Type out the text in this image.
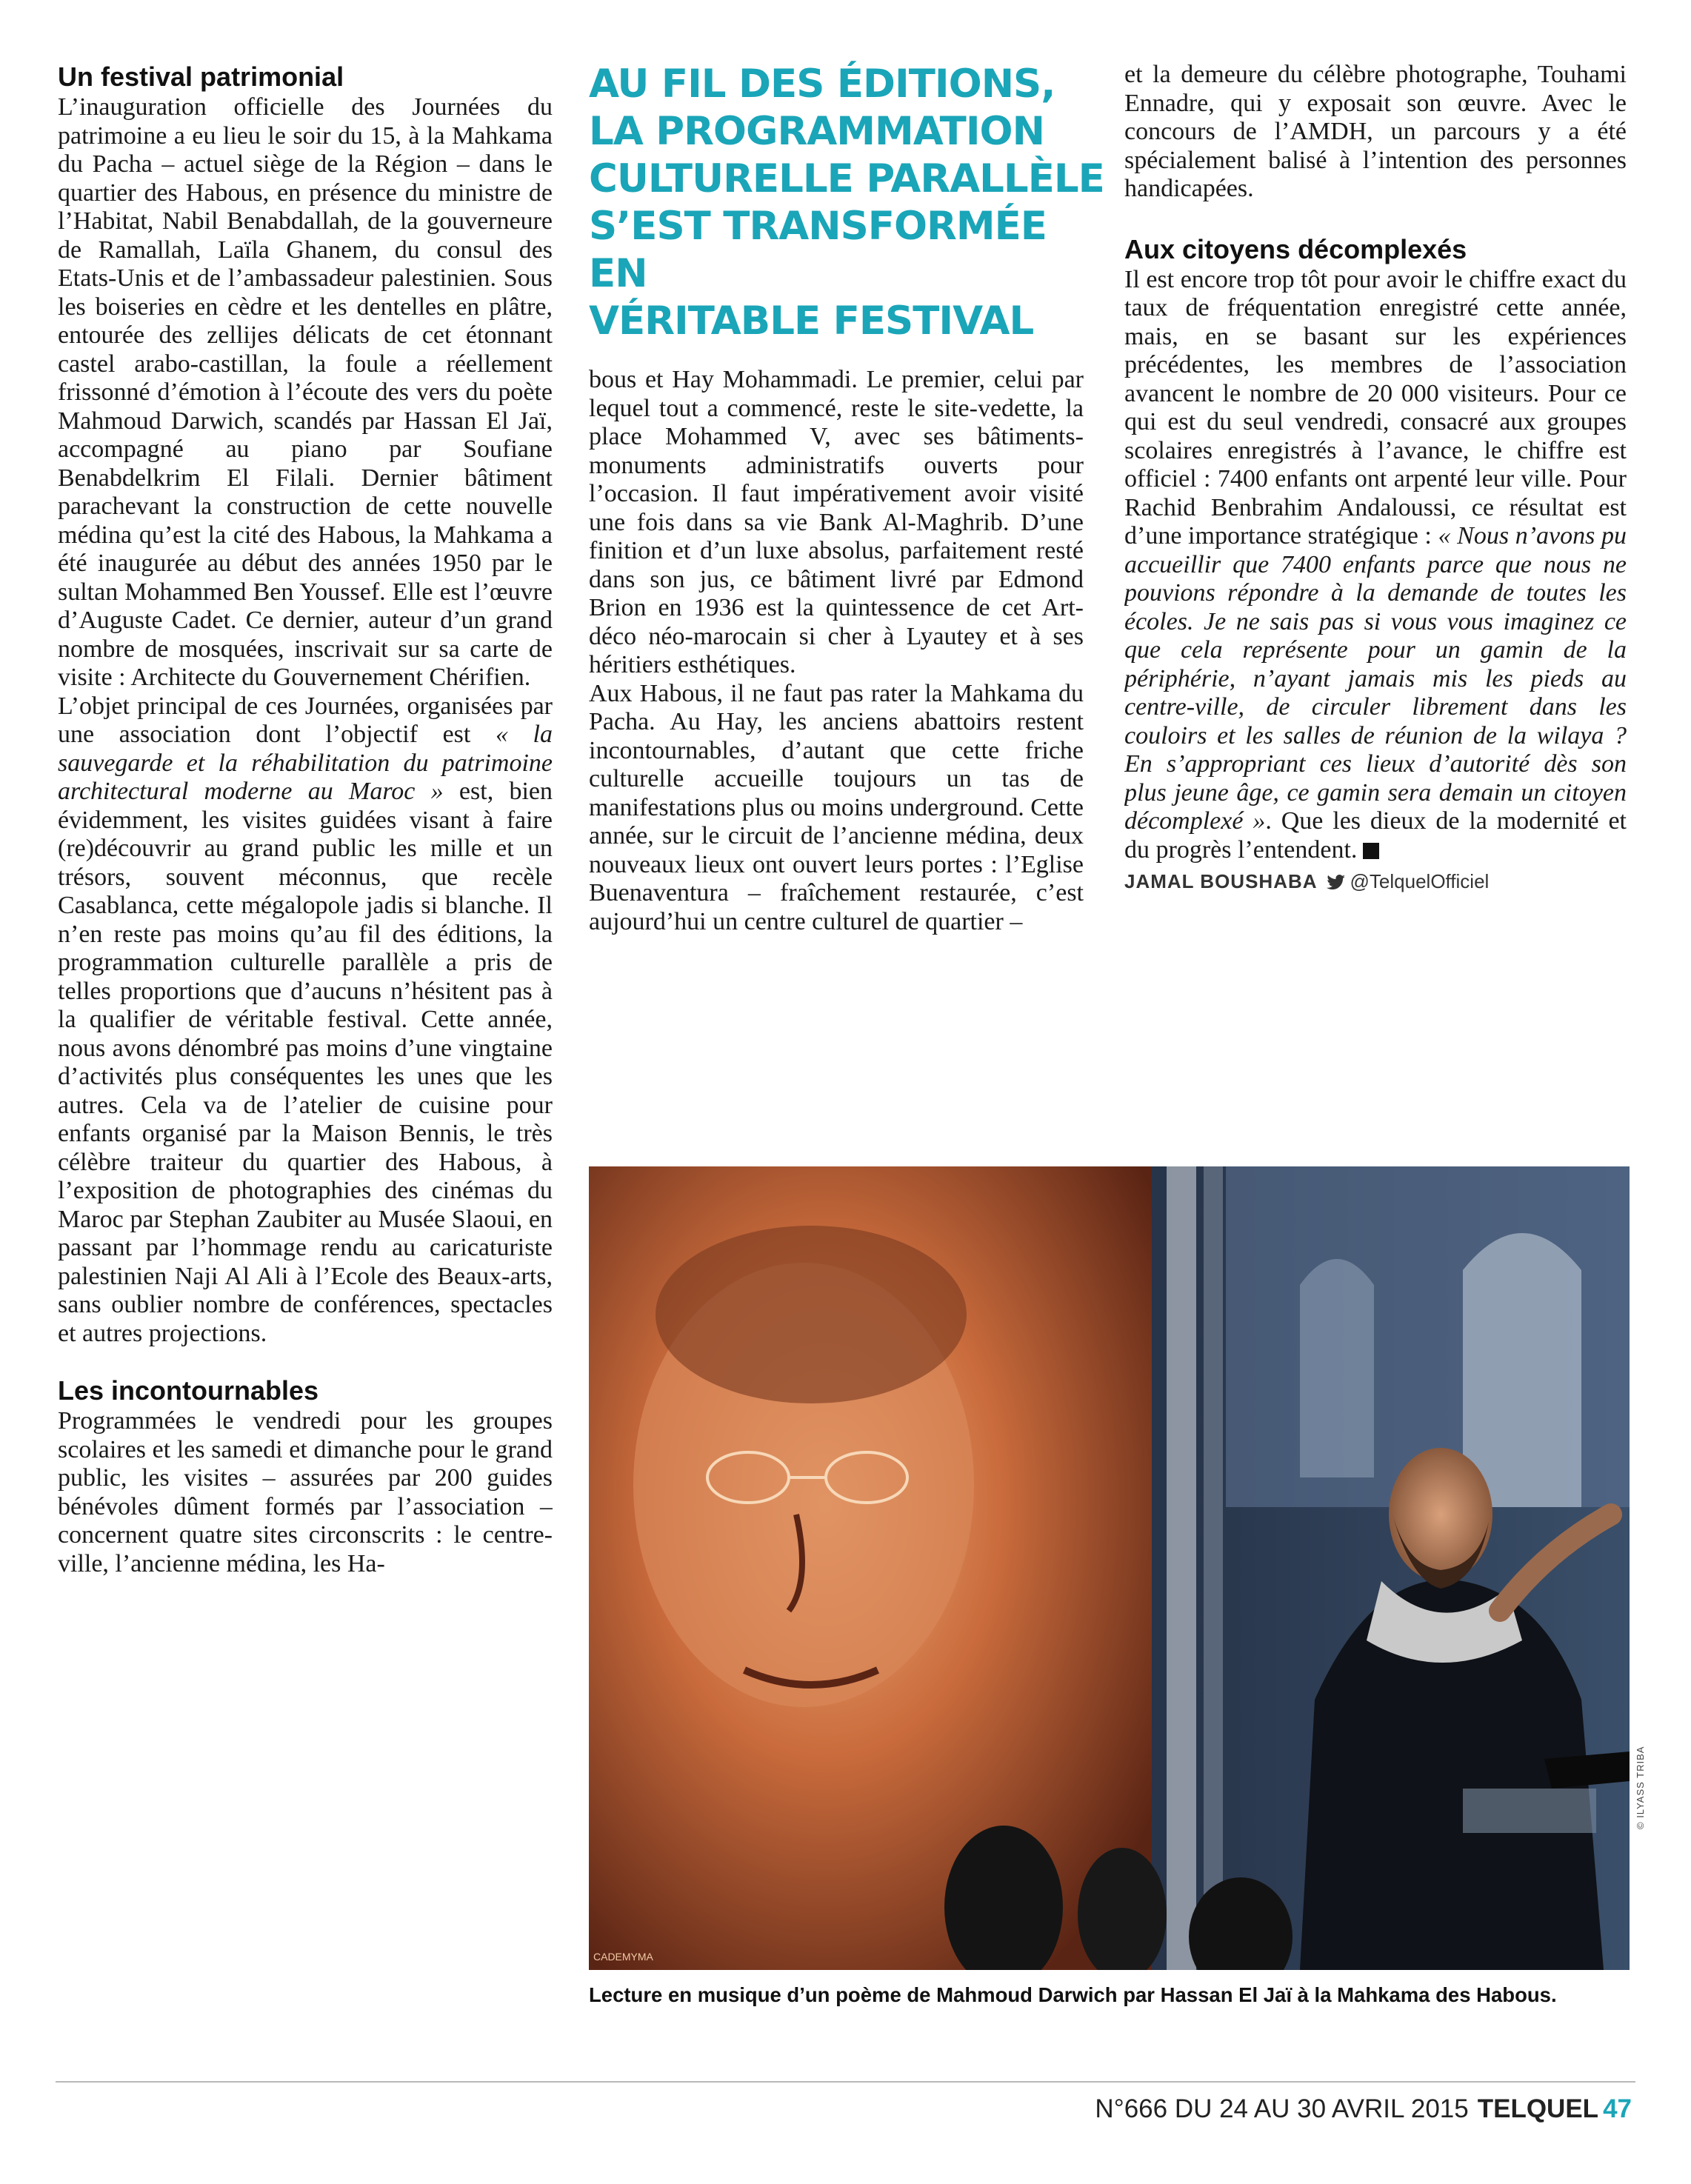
Un festival patrimonial

L’inauguration officielle des Journées du patrimoine a eu lieu le soir du 15, à la Mahkama du Pacha – actuel siège de la Région – dans le quartier des Habous, en présence du ministre de l’Habitat, Nabil Benabdallah, de la gouverneure de Ramallah, Laïla Ghanem, du consul des Etats-Unis et de l’ambassadeur palestinien. Sous les boiseries en cèdre et les dentelles en plâtre, entourée des zellijes délicats de cet étonnant castel arabo-castillan, la foule a réellement frissonné d’émotion à l’écoute des vers du poète Mahmoud Darwich, scandés par Hassan El Jaï, accompagné au piano par Soufiane Benabdelkrim El Filali. Dernier bâtiment parachevant la construction de cette nouvelle médina qu’est la cité des Habous, la Mahkama a été inaugurée au début des années 1950 par le sultan Mohammed Ben Youssef. Elle est l’œuvre d’Auguste Cadet. Ce dernier, auteur d’un grand nombre de mosquées, inscrivait sur sa carte de visite : Architecte du Gouvernement Chérifien.

L’objet principal de ces Journées, organisées par une association dont l’objectif est « la sauvegarde et la réhabilitation du patrimoine architectural moderne au Maroc » est, bien évidemment, les visites guidées visant à faire (re)découvrir au grand public les mille et un trésors, souvent méconnus, que recèle Casablanca, cette mégalopole jadis si blanche. Il n’en reste pas moins qu’au fil des éditions, la programmation culturelle parallèle a pris de telles proportions que d’aucuns n’hésitent pas à la qualifier de véritable festival. Cette année, nous avons dénombré pas moins d’une vingtaine d’activités plus conséquentes les unes que les autres. Cela va de l’atelier de cuisine pour enfants organisé par la Maison Bennis, le très célèbre traiteur du quartier des Habous, à l’exposition de photographies des cinémas du Maroc par Stephan Zaubiter au Musée Slaoui, en passant par l’hommage rendu au caricaturiste palestinien Naji Al Ali à l’Ecole des Beaux-arts, sans oublier nombre de conférences, spectacles et autres projections.

Les incontournables

Programmées le vendredi pour les groupes scolaires et les samedi et dimanche pour le grand public, les visites – assurées par 200 guides bénévoles dûment formés par l’association – concernent quatre sites circonscrits : le centre-ville, l’ancienne médina, les Ha-

AU FIL DES ÉDITIONS,
LA PROGRAMMATION
CULTURELLE PARALLÈLE
S’EST TRANSFORMÉE EN
VÉRITABLE FESTIVAL

bous et Hay Mohammadi. Le premier, celui par lequel tout a commencé, reste le site-vedette, la place Mohammed V, avec ses bâtiments-monuments administratifs ouverts pour l’occasion. Il faut impérativement avoir visité une fois dans sa vie Bank Al-Maghrib. D’une finition et d’un luxe absolus, parfaitement resté dans son jus, ce bâtiment livré par Edmond Brion en 1936 est la quintessence de cet Art-déco néo-marocain si cher à Lyautey et à ses héritiers esthétiques.

Aux Habous, il ne faut pas rater la Mahkama du Pacha. Au Hay, les anciens abattoirs restent incontournables, d’autant que cette friche culturelle accueille toujours un tas de manifestations plus ou moins underground. Cette année, sur le circuit de l’ancienne médina, deux nouveaux lieux ont ouvert leurs portes : l’Eglise Buenaventura – fraîchement restaurée, c’est aujourd’hui un centre culturel de quartier –

et la demeure du célèbre photographe, Touhami Ennadre, qui y exposait son œuvre. Avec le concours de l’AMDH, un parcours y a été spécialement balisé à l’intention des personnes handicapées.

Aux citoyens décomplexés

Il est encore trop tôt pour avoir le chiffre exact du taux de fréquentation enregistré cette année, mais, en se basant sur les expériences précédentes, les membres de l’association avancent le nombre de 20 000 visiteurs. Pour ce qui est du seul vendredi, consacré aux groupes scolaires enregistrés à l’avance, le chiffre est officiel : 7400 enfants ont arpenté leur ville. Pour Rachid Benbrahim Andaloussi, ce résultat est d’une importance stratégique : « Nous n’avons pu accueillir que 7400 enfants parce que nous ne pouvions répondre à la demande de toutes les écoles. Je ne sais pas si vous vous imaginez ce que cela représente pour un gamin de la périphérie, n’ayant jamais mis les pieds au centre-ville, de circuler librement dans les couloirs et les salles de réunion de la wilaya ? En s’appropriant ces lieux d’autorité dès son plus jeune âge, ce gamin sera demain un citoyen décomplexé ». Que les dieux de la modernité et du progrès l’entendent.

JAMAL BOUSHABA @TelquelOfficiel
CADEMYMA
© ILYASS TRIBA
Lecture en musique d’un poème de Mahmoud Darwich par Hassan El Jaï à la Mahkama des Habous.
N°666 DU 24 AU 30 AVRIL 2015 TELQUEL 47
